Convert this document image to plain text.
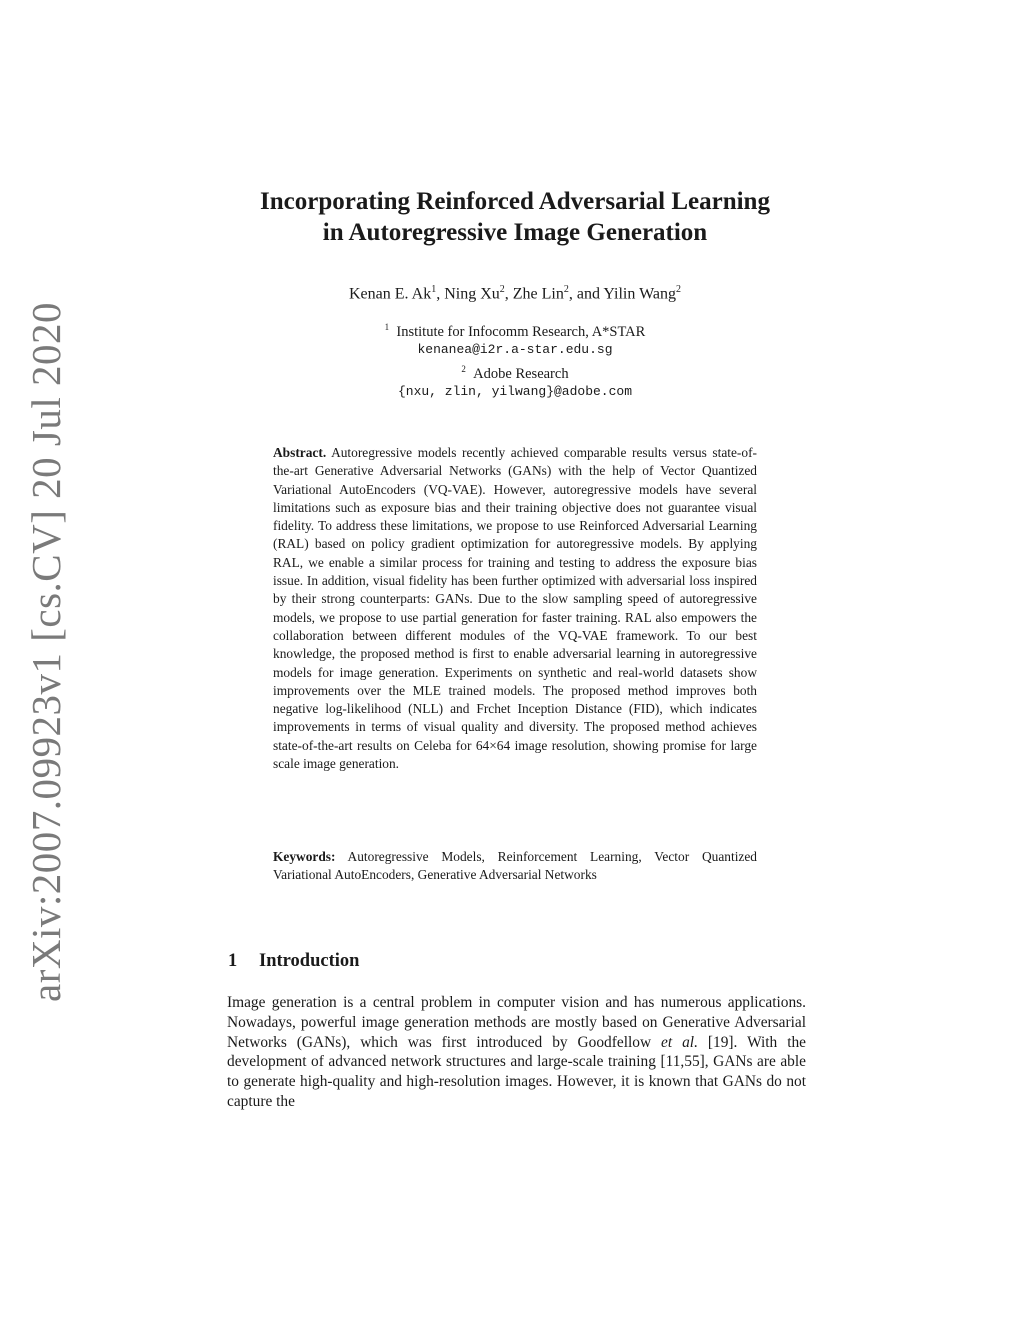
arXiv:2007.09923v1 [cs.CV] 20 Jul 2020
Incorporating Reinforced Adversarial Learning
in Autoregressive Image Generation
Kenan E. Ak$^1$, Ning Xu$^2$, Zhe Lin$^2$, and Yilin Wang$^2$
$^1$ Institute for Infocomm Research, A*STAR
kenanea@i2r.a-star.edu.sg
$^2$ Adobe Research
{nxu, zlin, yilwang}@adobe.com
Abstract. Autoregressive models recently achieved comparable results versus state-of-the-art Generative Adversarial Networks (GANs) with the help of Vector Quantized Variational AutoEncoders (VQ-VAE). However, autoregressive models have several limitations such as exposure bias and their training objective does not guarantee visual fidelity. To address these limitations, we propose to use Reinforced Adversarial Learning (RAL) based on policy gradient optimization for autoregressive models. By applying RAL, we enable a similar process for training and testing to address the exposure bias issue. In addition, visual fidelity has been further optimized with adversarial loss inspired by their strong counterparts: GANs. Due to the slow sampling speed of autoregressive models, we propose to use partial generation for faster training. RAL also empowers the collaboration between different modules of the VQ-VAE framework. To our best knowledge, the proposed method is first to enable adversarial learning in autoregressive models for image generation. Experiments on synthetic and real-world datasets show improvements over the MLE trained models. The proposed method improves both negative log-likelihood (NLL) and Frchet Inception Distance (FID), which indicates improvements in terms of visual quality and diversity. The proposed method achieves state-of-the-art results on Celeba for 64×64 image resolution, showing promise for large scale image generation.
Keywords: Autoregressive Models, Reinforcement Learning, Vector Quantized Variational AutoEncoders, Generative Adversarial Networks
1 Introduction
Image generation is a central problem in computer vision and has numerous applications. Nowadays, powerful image generation methods are mostly based on Generative Adversarial Networks (GANs), which was first introduced by Goodfellow et al. [19]. With the development of advanced network structures and large-scale training [11,55], GANs are able to generate high-quality and high-resolution images. However, it is known that GANs do not capture the
